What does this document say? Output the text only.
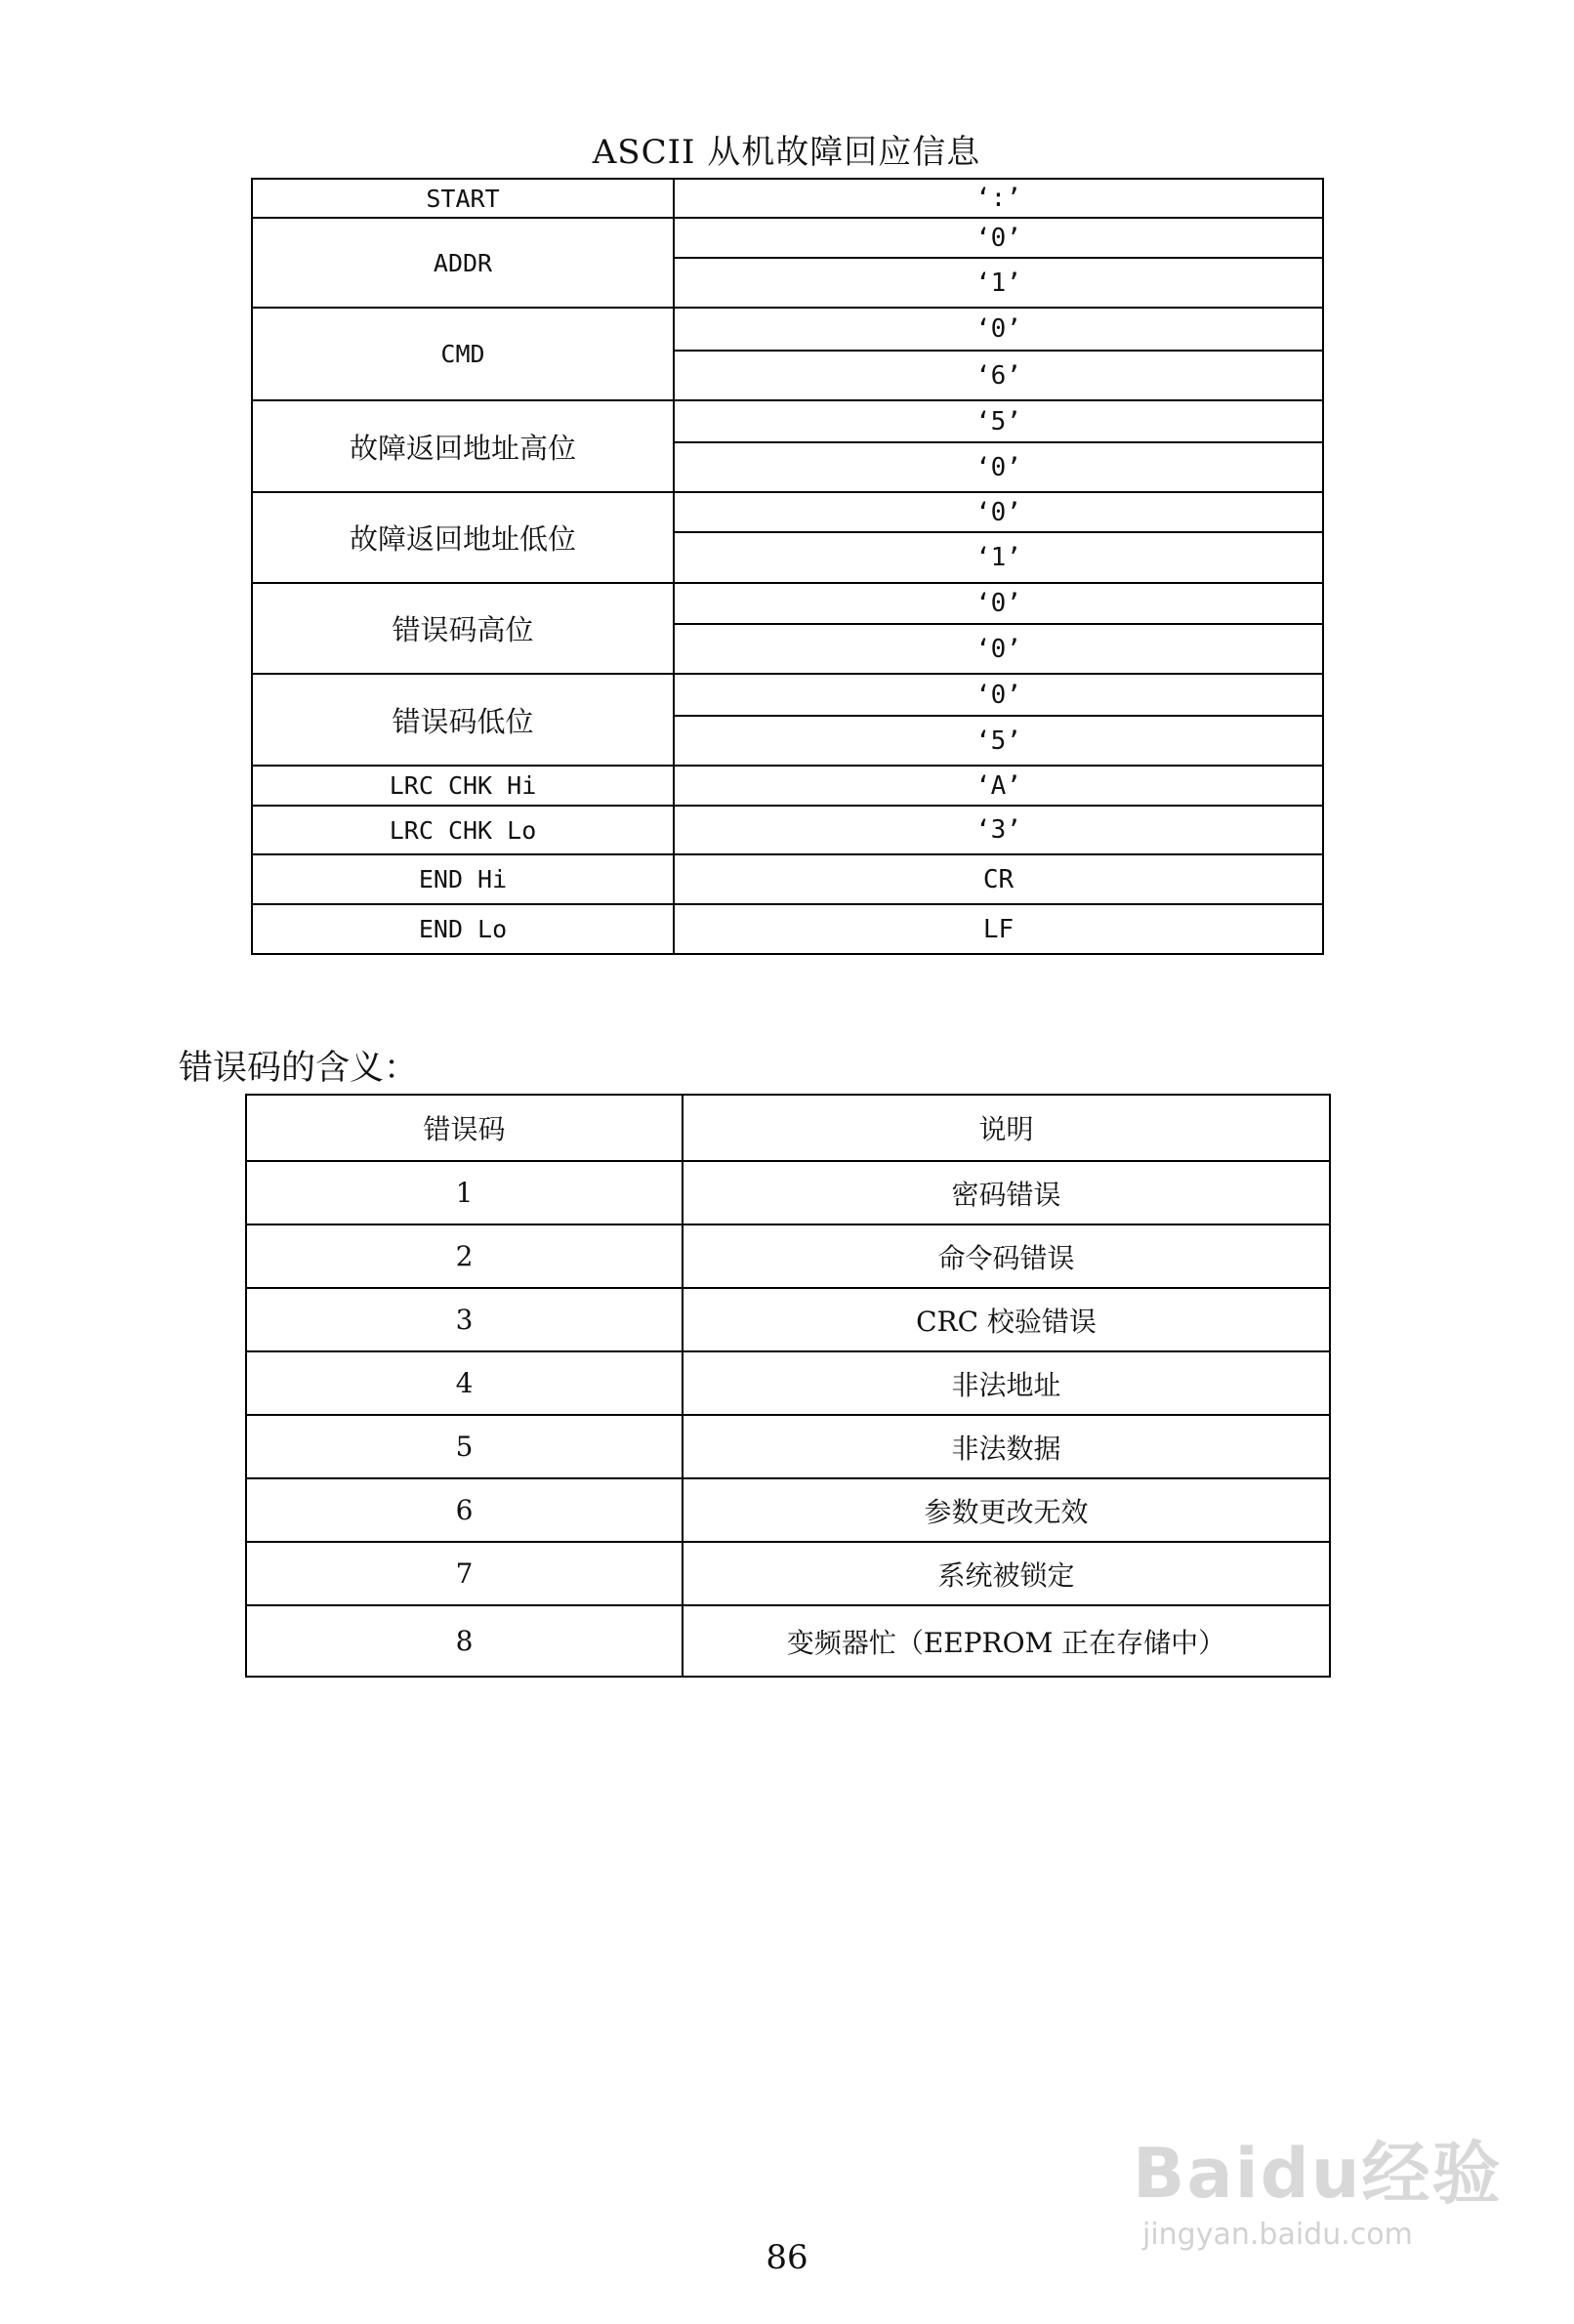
ASCII 从机故障回应信息
START	‘:’
ADDR	‘0’
	‘1’
CMD	‘0’
	‘6’
故障返回地址高位	‘5’
	‘0’
故障返回地址低位	‘0’
	‘1’
错误码高位	‘0’
	‘0’
错误码低位	‘0’
	‘5’
LRC CHK Hi	‘A’
LRC CHK Lo	‘3’
END Hi	CR
END Lo	LF
错误码的含义：
错误码	说明
1	密码错误
2	命令码错误
3	CRC 校验错误
4	非法地址
5	非法数据
6	参数更改无效
7	系统被锁定
8	变频器忙（EEPROM 正在存储中）
86
Baidu经验
jingyan.baidu.com
